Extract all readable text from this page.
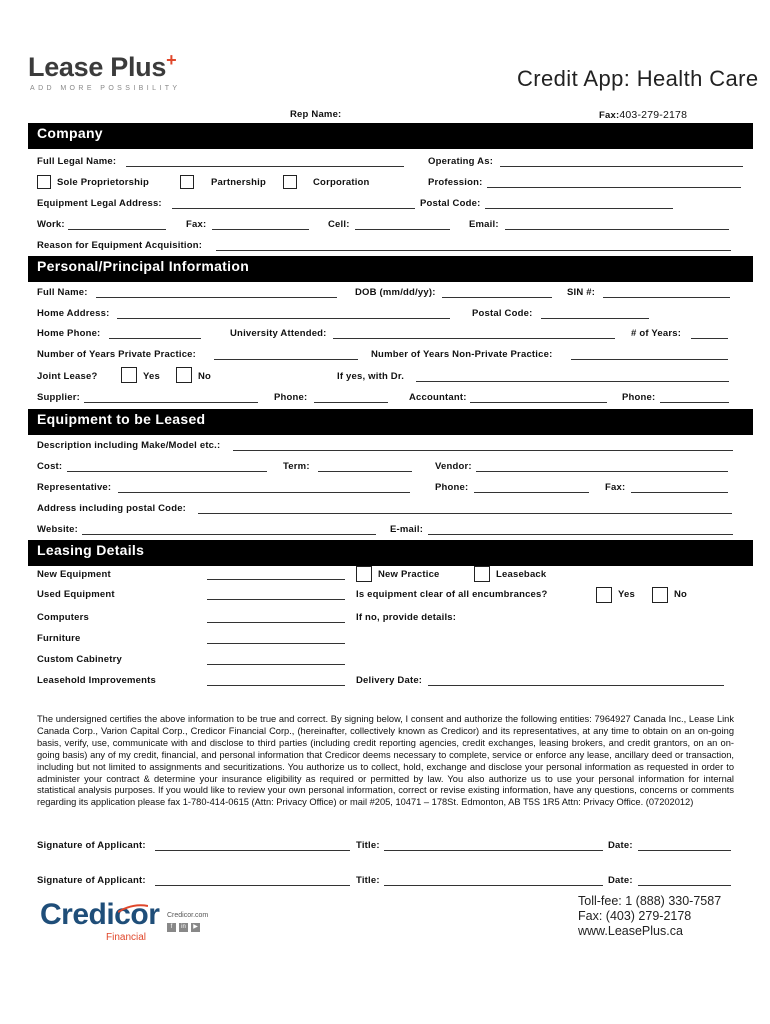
Lease Plus+
ADD MORE POSSIBILITY	Credit App: Health Care
Rep Name:	Fax:403-279-2178
Company
Full Legal Name:	Operating As:
Sole Proprietorship	Partnership	Corporation	Profession:
Equipment Legal Address:	Postal Code:
Work:	Fax:	Cell:	Email:
Reason for Equipment Acquisition:
Personal/Principal Information
Full Name:	DOB (mm/dd/yy):	SIN #:
Home Address:	Postal Code:
Home Phone:	University Attended:	# of Years:
Number of Years Private Practice:	Number of Years Non-Private Practice:
Joint Lease?	Yes	No	If yes, with Dr.
Supplier:	Phone:	Accountant:	Phone:
Equipment to be Leased
Description including Make/Model etc.:
Cost:	Term:	Vendor:
Representative:	Phone:	Fax:
Address including postal Code:
Website:	E-mail:
Leasing Details
New Equipment	New Practice	Leaseback
Used Equipment	Is equipment clear of all encumbrances?	Yes	No
Computers	If no, provide details:
Furniture
Custom Cabinetry
Leasehold Improvements	Delivery Date:
The undersigned certifies the above information to be true and correct. By signing below, I consent and authorize the following entities: 7964927 Canada Inc., Lease Link Canada Corp., Varion Capital Corp., Credicor Financial Corp., (hereinafter, collectively known as Credicor) and its representatives, at any time to obtain on an on-going basis, verify, use, communicate with and disclose to third parties (including credit reporting agencies, credit exchanges, leasing brokers, and credit grantors, on an on-going basis) any of my credit, financial, and personal information that Credicor deems necessary to complete, service or enforce any lease, ancillary deed or transaction, including but not limited to assignments and securitizations. You authorize us to collect, hold, exchange and disclose your personal information as requested in order to administer your contract & determine your insurance eligibility as required or permitted by law. You also authorize us to use your personal information for internal statistical analysis purposes. If you would like to review your own personal information, correct or revise existing information, have any questions, concerns or comments regarding its application please fax 1-780-414-0615 (Attn: Privacy Office) or mail #205, 10471 – 178St. Edmonton, AB T5S 1R5 Attn: Privacy Office. (07202012)
Signature of Applicant:	Title:	Date:
Signature of Applicant:	Title:	Date:
Credicor
Financial
Credicor.com
f	in	▶
Toll-fee: 1 (888) 330-7587
Fax: (403) 279-2178
www.LeasePlus.ca
